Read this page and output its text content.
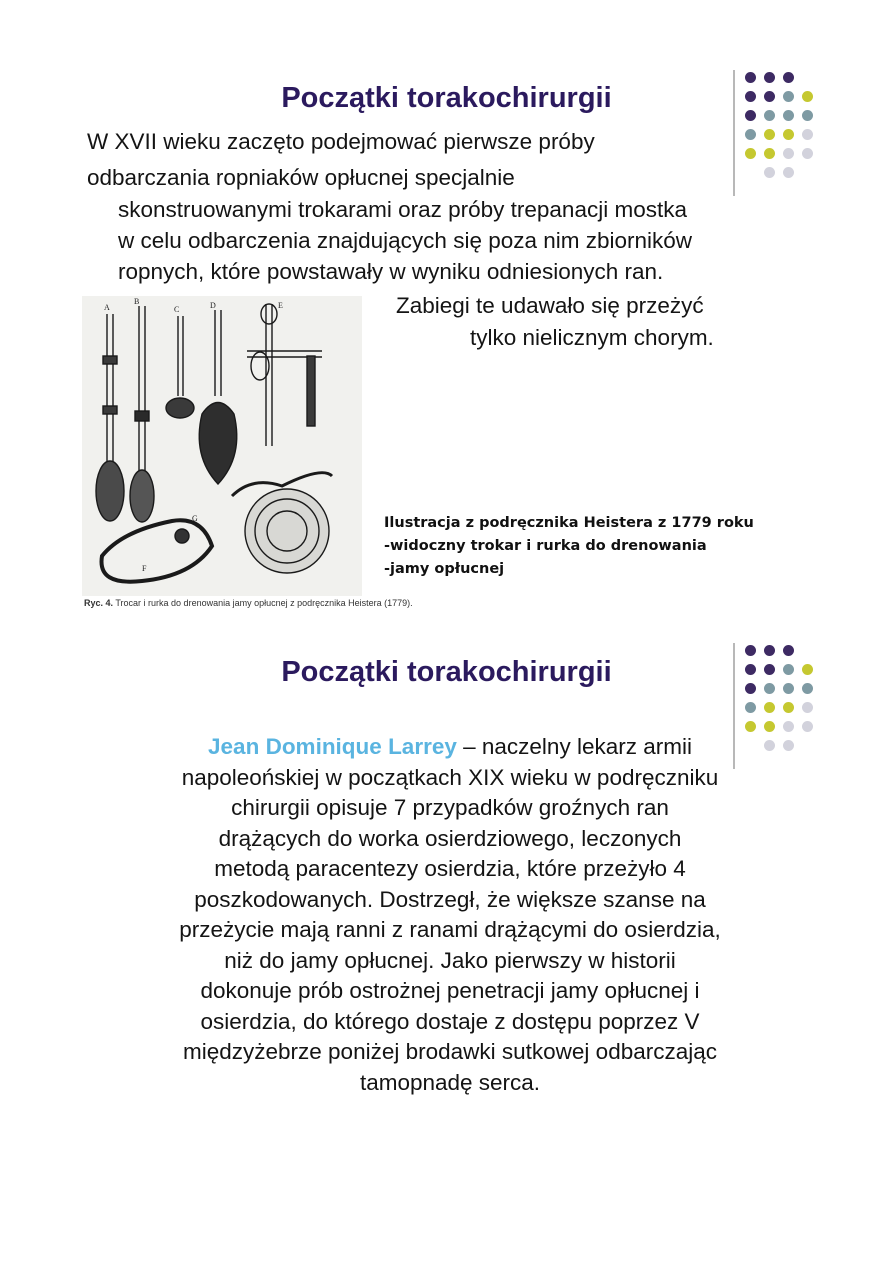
Początki torakochirurgii
W XVII wieku zaczęto podejmować pierwsze próby
odbarczania ropniaków opłucnej specjalnie
skonstruowanymi trokarami oraz próby trepanacji mostka
w celu odbarczenia znajdujących się poza nim zbiorników
ropnych, które powstawały w wyniku odniesionych ran.
Zabiegi te udawało się przeżyć
tylko nielicznym chorym.
A
B
C	D	E
F
G
Ryc. 4. Trocar i rurka do drenowania jamy opłucnej z podręcznika Heistera (1779).
Ilustracja z podręcznika Heistera z 1779 roku
-widoczny trokar i rurka do drenowania
-jamy opłucnej
Początki torakochirurgii
Jean Dominique Larrey – naczelny lekarz armii
napoleońskiej w początkach XIX wieku w podręczniku
chirurgii opisuje 7 przypadków groźnych ran
drążących do worka osierdziowego, leczonych
metodą paracentezy osierdzia, które przeżyło 4
poszkodowanych. Dostrzegł, że większe szanse na
przeżycie mają ranni z ranami drążącymi do osierdzia,
niż do jamy opłucnej. Jako pierwszy w historii
dokonuje prób ostrożnej penetracji jamy opłucnej i
osierdzia, do którego dostaje z dostępu poprzez V
międzyżebrze poniżej brodawki sutkowej odbarczając
tamopnadę serca.
